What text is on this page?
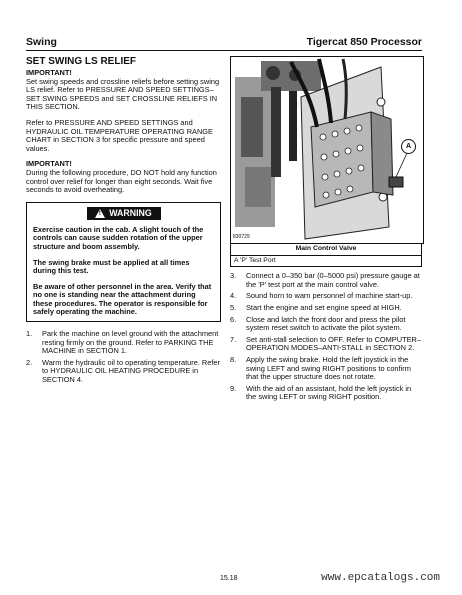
Swing	Tigercat 850 Processor
SET SWING LS RELIEF
IMPORTANT!

Set swing speeds and crossline reliefs before setting swing LS relief. Refer to PRESSURE AND SPEED SETTINGS–SET SWING SPEEDS and SET CROSSLINE RELIEFS IN THIS SECTION.

Refer to PRESSURE AND SPEED SETTINGS and HYDRAULIC OIL TEMPERATURE OPERATING RANGE CHART in SECTION 3 for specific pressure and speed values.

IMPORTANT!

During the following procedure, DO NOT hold any function control over relief for longer than eight seconds. Wait five seconds to avoid overheating.

! WARNING

Exercise caution in the cab. A slight touch of the controls can cause sudden rotation of the upper structure and boom assembly.

The swing brake must be applied at all times during this test.

Be aware of other personnel in the area. Verify that no one is standing near the attachment during these procedures. The operator is responsible for safely operating the machine.

1.	Park the machine on level ground with the attachment resting firmly on the ground. Refer to PARKING THE MACHINE in SECTION 1.
2.	Warm the hydraulic oil to operating temperature. Refer to HYDRAULIC OIL HEATING PROCEDURE in SECTION 4.
A
830729
Main Control Valve
A 'P' Test Port
3.	Connect a 0–350 bar (0–5000 psi) pressure gauge at the 'P' test port at the main control valve.
4.	Sound horn to warn personnel of machine start-up.
5.	Start the engine and set engine speed at HIGH.
6.	Close and latch the front door and press the pilot system reset switch to activate the pilot system.
7.	Set anti-stall selection to OFF. Refer to COMPUTER–OPERATION MODES–ANTI-STALL in SECTION 2.
8.	Apply the swing brake. Hold the left joystick in the swing LEFT and swing RIGHT positions to confirm that the upper structure does not rotate.
9.	With the aid of an assistant, hold the left joystick in the swing LEFT or swing RIGHT position.
15.18	www.epcatalogs.com
